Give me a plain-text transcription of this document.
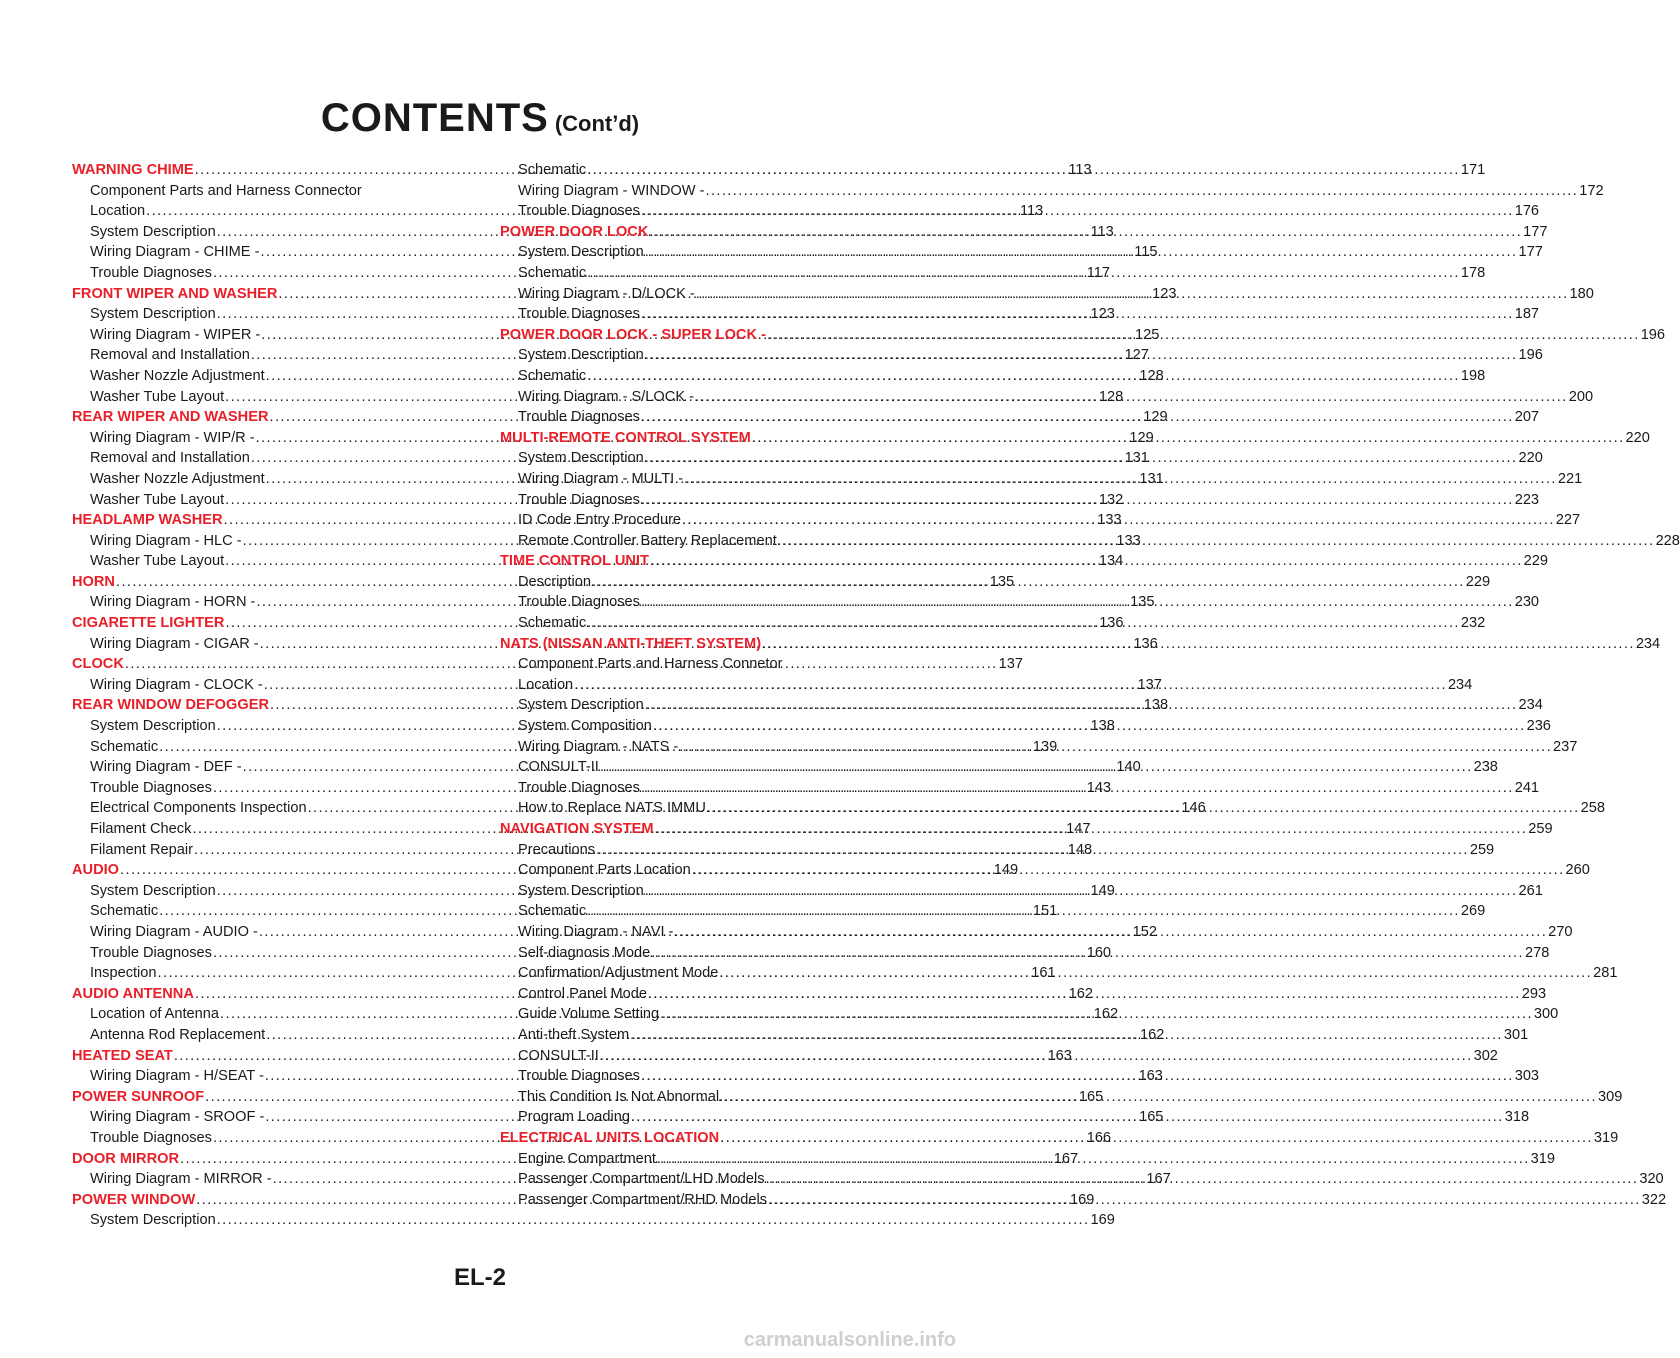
CONTENTS (Cont’d)
WARNING CHIME .....	113
Component Parts and Harness Connector
Location .....	113
System Description .....	113
Wiring Diagram - CHIME - .....	115
Trouble Diagnoses .....	117
FRONT WIPER AND WASHER .....	123
System Description .....	123
Wiring Diagram - WIPER - .....	125
Removal and Installation .....	127
Washer Nozzle Adjustment .....	128
Washer Tube Layout .....	128
REAR WIPER AND WASHER .....	129
Wiring Diagram - WIP/R - .....	129
Removal and Installation .....	131
Washer Nozzle Adjustment .....	131
Washer Tube Layout .....	132
HEADLAMP WASHER .....	133
Wiring Diagram - HLC - .....	133
Washer Tube Layout .....	134
HORN .....	135
Wiring Diagram - HORN - .....	135
CIGARETTE LIGHTER .....	136
Wiring Diagram - CIGAR - .....	136
CLOCK .....	137
Wiring Diagram - CLOCK - .....	137
REAR WINDOW DEFOGGER .....	138
System Description .....	138
Schematic .....	139
Wiring Diagram - DEF - .....	140
Trouble Diagnoses .....	143
Electrical Components Inspection .....	146
Filament Check .....	147
Filament Repair .....	148
AUDIO .....	149
System Description .....	149
Schematic .....	151
Wiring Diagram - AUDIO - .....	152
Trouble Diagnoses .....	160
Inspection .....	161
AUDIO ANTENNA .....	162
Location of Antenna .....	162
Antenna Rod Replacement .....	162
HEATED SEAT .....	163
Wiring Diagram - H/SEAT - .....	163
POWER SUNROOF .....	165
Wiring Diagram - SROOF - .....	165
Trouble Diagnoses .....	166
DOOR MIRROR .....	167
Wiring Diagram - MIRROR - .....	167
POWER WINDOW .....	169
System Description .....	169
Schematic .....	171
Wiring Diagram - WINDOW - .....	172
Trouble Diagnoses .....	176
POWER DOOR LOCK .....	177
System Description .....	177
Schematic .....	178
Wiring Diagram - D/LOCK - .....	180
Trouble Diagnoses .....	187
POWER DOOR LOCK - SUPER LOCK - .....	196
System Description .....	196
Schematic .....	198
Wiring Diagram - S/LOCK - .....	200
Trouble Diagnoses .....	207
MULTI-REMOTE CONTROL SYSTEM .....	220
System Description .....	220
Wiring Diagram - MULTI - .....	221
Trouble Diagnoses .....	223
ID Code Entry Procedure .....	227
Remote Controller Battery Replacement. .....	228
TIME CONTROL UNIT .....	229
Description .....	229
Trouble Diagnoses .....	230
Schematic .....	232
NATS (NISSAN ANTI-THEFT SYSTEM) .....	234
Component Parts and Harness Connetor
Location .....	234
System Description .....	234
System Composition .....	236
Wiring Diagram - NATS - .....	237
CONSULT-II .....	238
Trouble Diagnoses .....	241
How to Replace NATS IMMU .....	258
NAVIGATION SYSTEM .....	259
Precautions .....	259
Component Parts Location .....	260
System Description .....	261
Schematic .....	269
Wiring Diagram - NAVI - .....	270
Self-diagnosis Mode .....	278
Confirmation/Adjustment Mode .....	281
Control Panel Mode .....	293
Guide Volume Setting .....	300
Anti-theft System .....	301
CONSULT-II .....	302
Trouble Diagnoses .....	303
This Condition Is Not Abnormal. .....	309
Program Loading .....	318
ELECTRICAL UNITS LOCATION .....	319
Engine Compartment .....	319
Passenger Compartment/LHD Models .....	320
Passenger Compartment/RHD Models .....	322
EL-2
carmanualsonline.info
